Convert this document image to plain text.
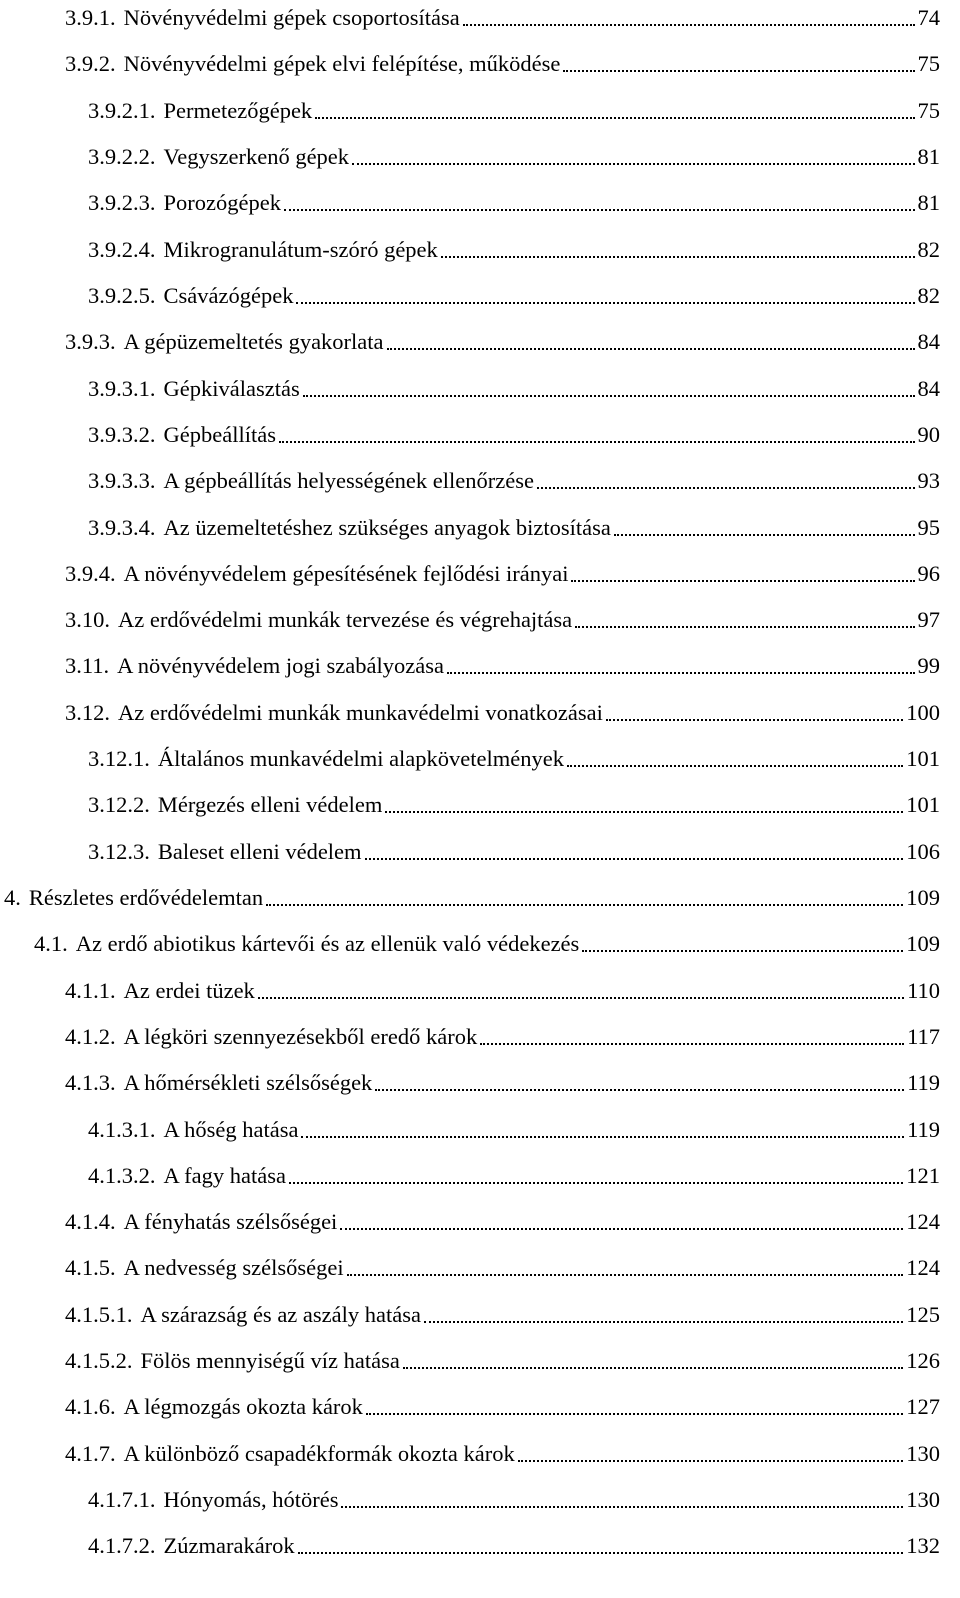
3.9.1. Növényvédelmi gépek csoportosítása	74
3.9.2. Növényvédelmi gépek elvi felépítése, működése	75
3.9.2.1. Permetezőgépek	75
3.9.2.2. Vegyszerkenő gépek	81
3.9.2.3. Porozógépek	81
3.9.2.4. Mikrogranulátum-szóró gépek	82
3.9.2.5. Csávázógépek	82
3.9.3. A gépüzemeltetés gyakorlata	84
3.9.3.1. Gépkiválasztás	84
3.9.3.2. Gépbeállítás	90
3.9.3.3. A gépbeállítás helyességének ellenőrzése	93
3.9.3.4. Az üzemeltetéshez szükséges anyagok biztosítása	95
3.9.4. A növényvédelem gépesítésének fejlődési irányai	96
3.10. Az erdővédelmi munkák tervezése és végrehajtása	97
3.11. A növényvédelem jogi szabályozása	99
3.12. Az erdővédelmi munkák munkavédelmi vonatkozásai	100
3.12.1. Általános munkavédelmi alapkövetelmények	101
3.12.2. Mérgezés elleni védelem	101
3.12.3. Baleset elleni védelem	106
4. Részletes erdővédelemtan	109
4.1. Az erdő abiotikus kártevői és az ellenük való védekezés	109
4.1.1. Az erdei tüzek	110
4.1.2. A légköri szennyezésekből eredő károk	117
4.1.3. A hőmérsékleti szélsőségek	119
4.1.3.1. A hőség hatása	119
4.1.3.2. A fagy hatása	121
4.1.4. A fényhatás szélsőségei	124
4.1.5. A nedvesség szélsőségei	124
4.1.5.1. A szárazság és az aszály hatása	125
4.1.5.2. Fölös mennyiségű víz hatása	126
4.1.6. A légmozgás okozta károk	127
4.1.7. A különböző csapadékformák okozta károk	130
4.1.7.1. Hónyomás, hótörés	130
4.1.7.2. Zúzmarakárok	132
